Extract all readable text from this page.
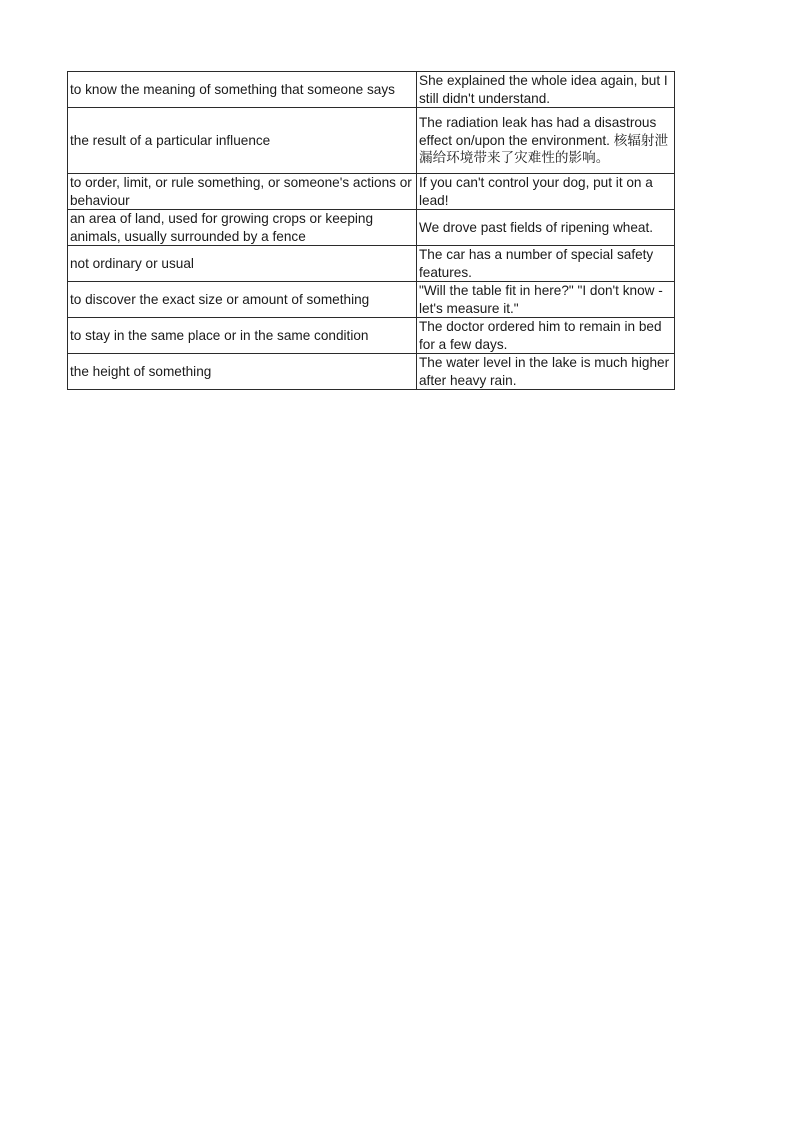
to know the meaning of something that someone says	She explained the whole idea again, but I still didn't understand.

the result of a particular influence	The radiation leak has had a disastrous effect on/upon the environment. 核辐射泄漏给环境带来了灾难性的影响。

to order, limit, or rule something, or someone's actions or behaviour	If you can't control your dog, put it on a lead!

an area of land, used for growing crops or keeping animals, usually surrounded by a fence	We drove past fields of ripening wheat.

not ordinary or usual	The car has a number of special safety features.

to discover the exact size or amount of something	"Will the table fit in here?" "I don't know - let's measure it."

to stay in the same place or in the same condition	The doctor ordered him to remain in bed for a few days.

the height of something	The water level in the lake is much higher after heavy rain.
